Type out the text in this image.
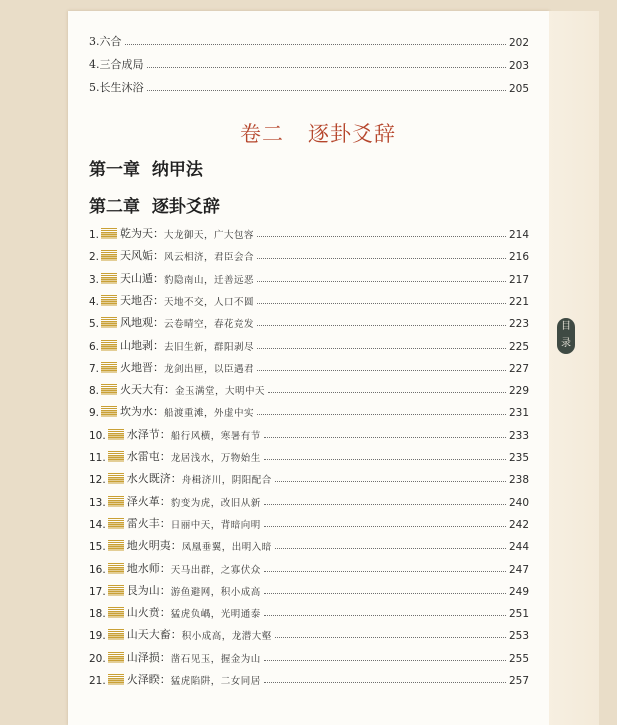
目录
3.六合	202
4.三合成局	203
5.长生沐浴	205
卷二 逐卦爻辞
第一章 纳甲法
第二章 逐卦爻辞
1. 乾为天 ： 大龙御天，广大包容	214
2. 天风姤 ： 风云相济，君臣会合	216
3. 天山遁 ： 豹隐南山，迁善远恶	217
4. 天地否 ： 天地不交，人口不圆	221
5. 风地观 ： 云卷晴空，春花竞发	223
6. 山地剥 ： 去旧生新，群阳剥尽	225
7. 火地晋 ： 龙剑出匣，以臣遇君	227
8. 火天大有 ： 金玉满堂，大明中天	229
9. 坎为水 ： 船渡重滩，外虚中实	231
10. 水泽节 ： 船行风横，寒暑有节	233
11. 水雷屯 ： 龙居浅水，万物始生	235
12. 水火既济 ： 舟楫济川，阴阳配合	238
13. 泽火革 ： 豹变为虎，改旧从新	240
14. 雷火丰 ： 日丽中天，背暗向明	242
15. 地火明夷 ： 凤凰垂翼，出明入暗	244
16. 地水师 ： 天马出群，之寡伏众	247
17. 艮为山 ： 游鱼避网，积小成高	249
18. 山火贲 ： 猛虎负嵎，光明通泰	251
19. 山天大畜 ： 积小成高，龙潜大壑	253
20. 山泽损 ： 凿石见玉，握金为山	255
21. 火泽睽 ： 猛虎陷阱，二女同居	257
